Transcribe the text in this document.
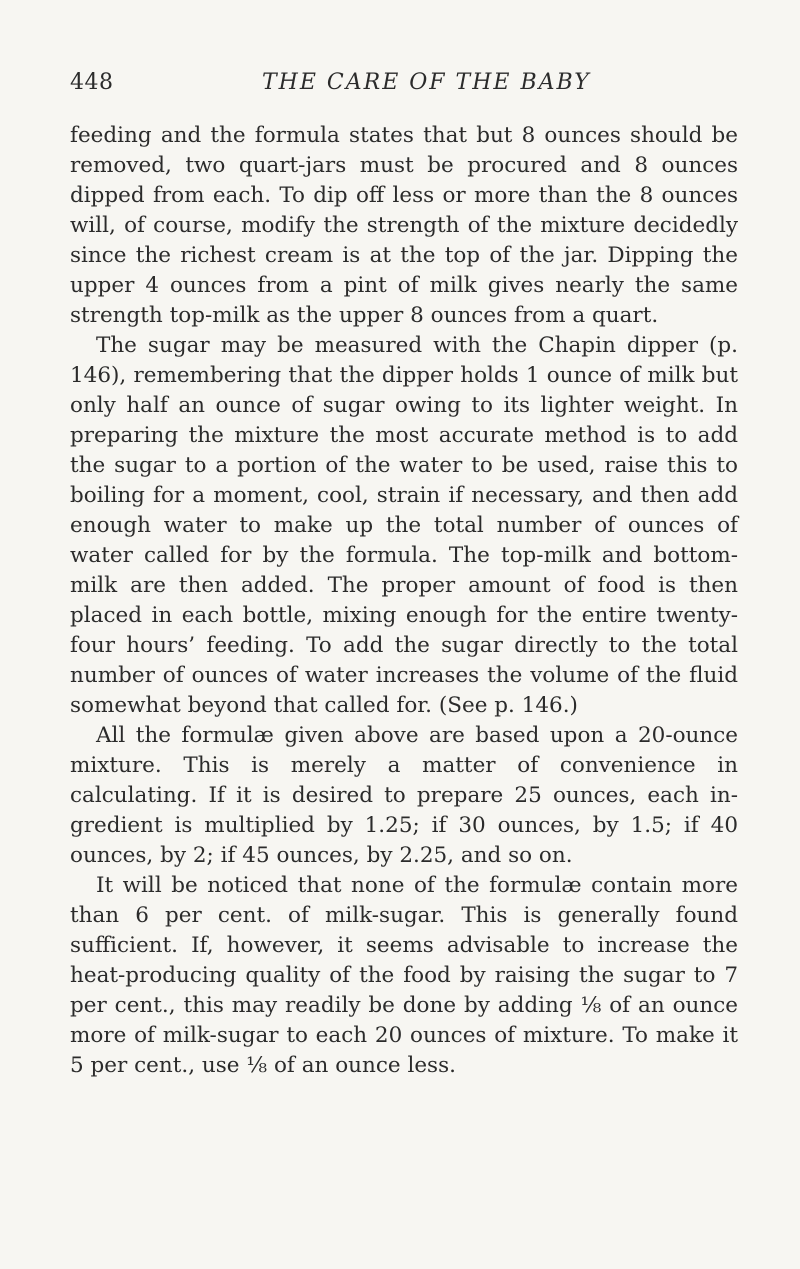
448	THE CARE OF THE BABY

feeding and the formula states that but 8 ounces should be removed, two quart-jars must be procured and 8 ounces dipped from each. To dip off less or more than the 8 ounces will, of course, modify the strength of the mixture decidedly since the richest cream is at the top of the jar. Dipping the upper 4 ounces from a pint of milk gives nearly the same strength top-milk as the upper 8 ounces from a quart.

The sugar may be measured with the Chapin dipper (p. 146), remembering that the dipper holds 1 ounce of milk but only half an ounce of sugar owing to its lighter weight. In preparing the mixture the most accurate method is to add the sugar to a portion of the water to be used, raise this to boiling for a moment, cool, strain if necessary, and then add enough water to make up the total number of ounces of water called for by the formula. The top-milk and bottom-milk are then added. The proper amount of food is then placed in each bottle, mixing enough for the entire twenty-four hours’ feeding. To add the sugar directly to the total number of ounces of water increases the volume of the fluid somewhat beyond that called for. (See p. 146.)

All the formulæ given above are based upon a 20-ounce mixture. This is merely a matter of convenience in calculating. If it is desired to prepare 25 ounces, each ingredient is multiplied by 1.25; if 30 ounces, by 1.5; if 40 ounces, by 2; if 45 ounces, by 2.25, and so on.

It will be noticed that none of the formulæ contain more than 6 per cent. of milk-sugar. This is generally found sufficient. If, however, it seems advisable to increase the heat-producing quality of the food by raising the sugar to 7 per cent., this may readily be done by adding ⅛ of an ounce more of milk-sugar to each 20 ounces of mixture. To make it 5 per cent., use ⅛ of an ounce less.
